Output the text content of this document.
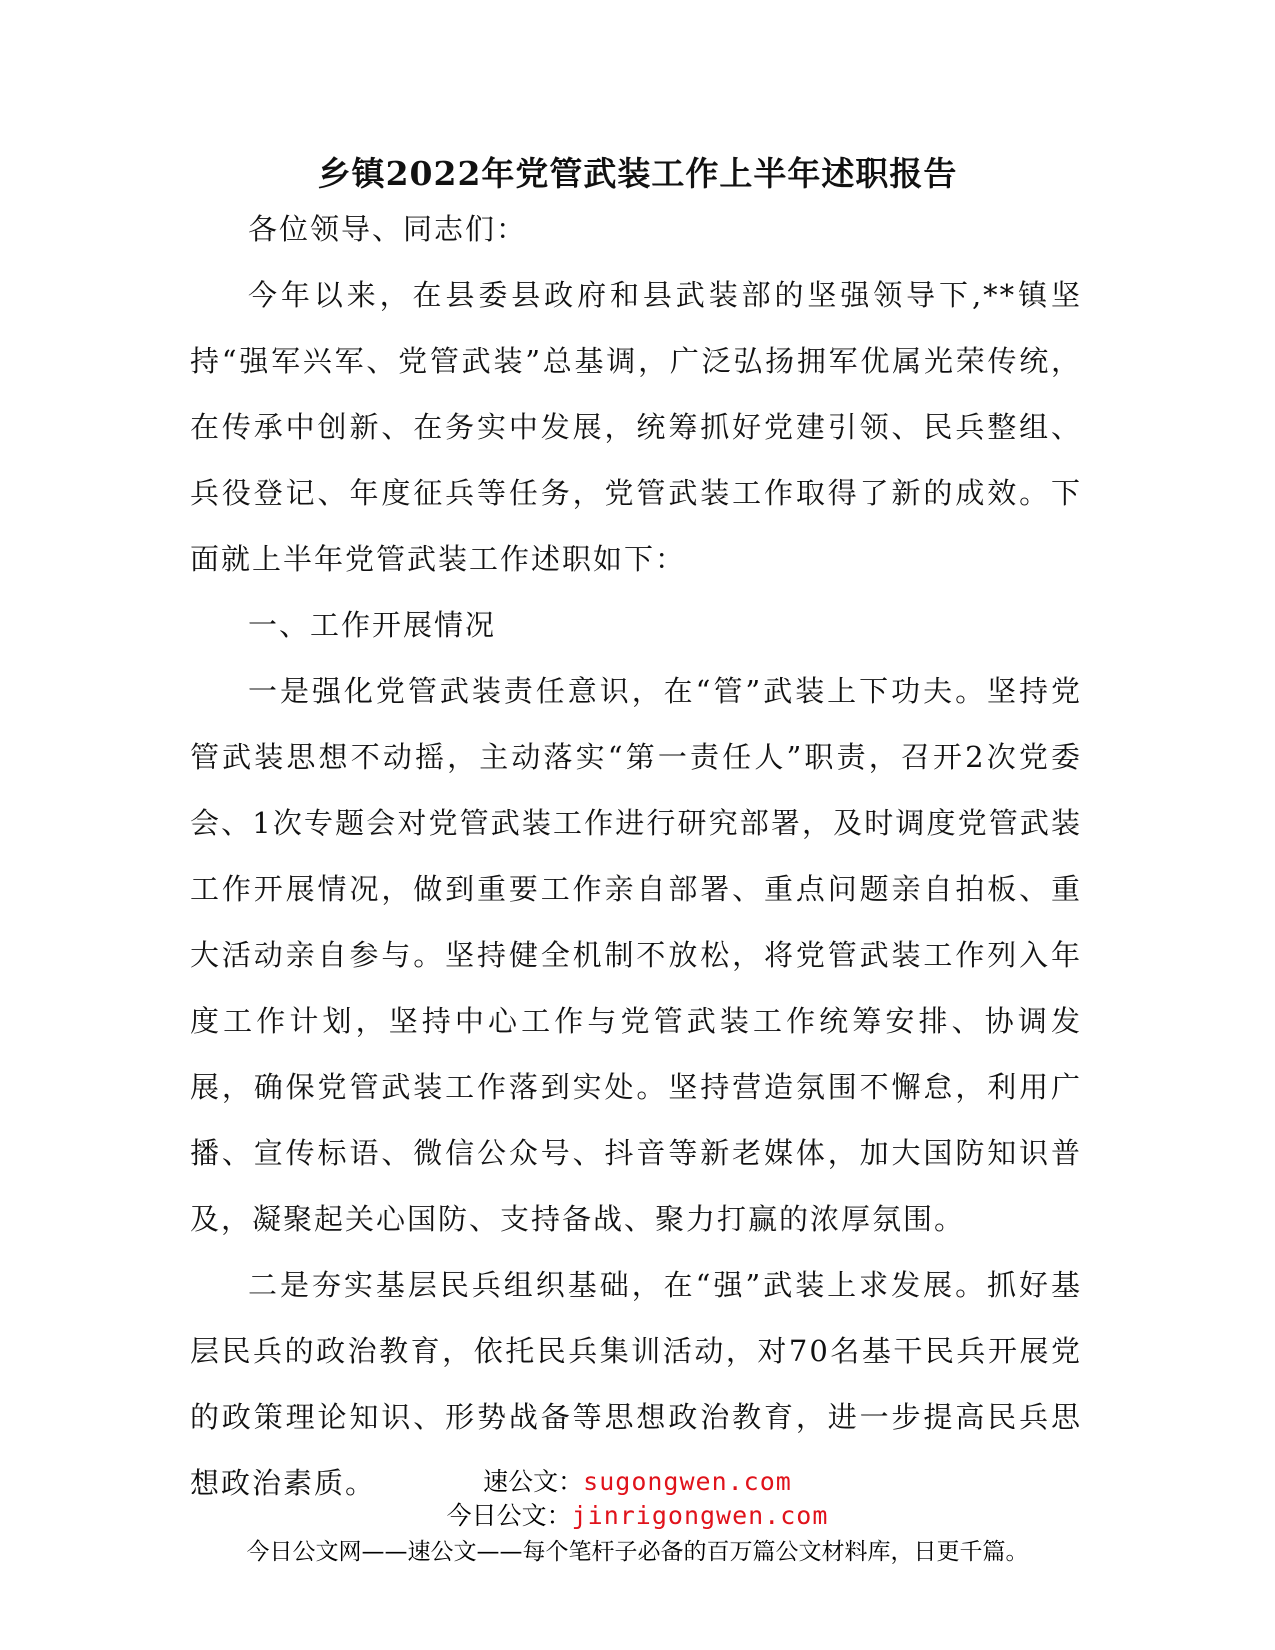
乡镇2022年党管武装工作上半年述职报告

各位领导、同志们：

今年以来，在县委县政府和县武装部的坚强领导下,**镇坚持“强军兴军、党管武装”总基调，广泛弘扬拥军优属光荣传统，在传承中创新、在务实中发展，统筹抓好党建引领、民兵整组、兵役登记、年度征兵等任务，党管武装工作取得了新的成效。下面就上半年党管武装工作述职如下：

一、工作开展情况

一是强化党管武装责任意识，在“管”武装上下功夫。坚持党管武装思想不动摇，主动落实“第一责任人”职责，召开2次党委会、1次专题会对党管武装工作进行研究部署，及时调度党管武装工作开展情况，做到重要工作亲自部署、重点问题亲自拍板、重大活动亲自参与。坚持健全机制不放松，将党管武装工作列入年度工作计划，坚持中心工作与党管武装工作统筹安排、协调发展，确保党管武装工作落到实处。坚持营造氛围不懈怠，利用广播、宣传标语、微信公众号、抖音等新老媒体，加大国防知识普及，凝聚起关心国防、支持备战、聚力打赢的浓厚氛围。

二是夯实基层民兵组织基础，在“强”武装上求发展。抓好基层民兵的政治教育，依托民兵集训活动，对70名基干民兵开展党的政策理论知识、形势战备等思想政治教育，进一步提高民兵思想政治素质。	速公文：sugongwen.com
今日公文：jinrigongwen.com
今日公文网——速公文——每个笔杆子必备的百万篇公文材料库，日更千篇。
